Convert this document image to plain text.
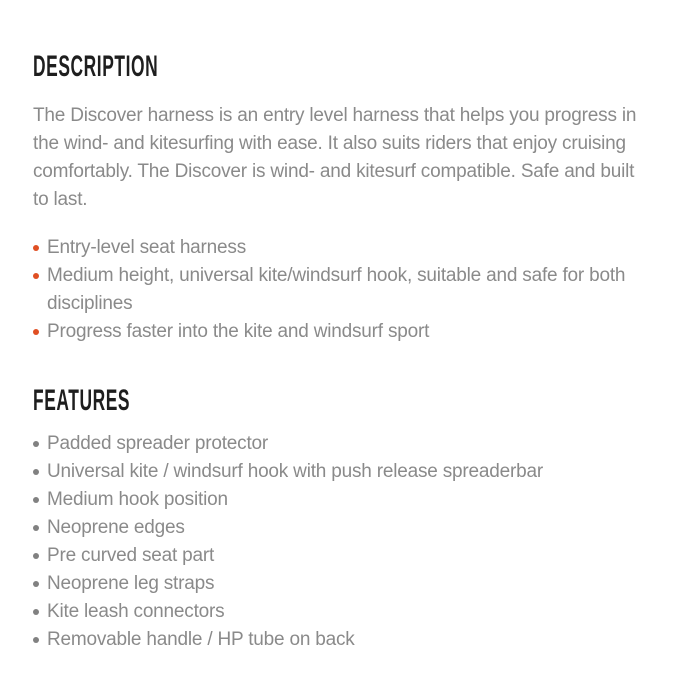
DESCRIPTION

The Discover harness is an entry level harness that helps you progress in the wind- and kitesurfing with ease. It also suits riders that enjoy cruising comfortably. The Discover is wind- and kitesurf compatible. Safe and built to last.

Entry-level seat harness
Medium height, universal kite/windsurf hook, suitable and safe for both disciplines
Progress faster into the kite and windsurf sport
FEATURES
Padded spreader protector
Universal kite / windsurf hook with push release spreaderbar
Medium hook position
Neoprene edges
Pre curved seat part
Neoprene leg straps
Kite leash connectors
Removable handle / HP tube on back
